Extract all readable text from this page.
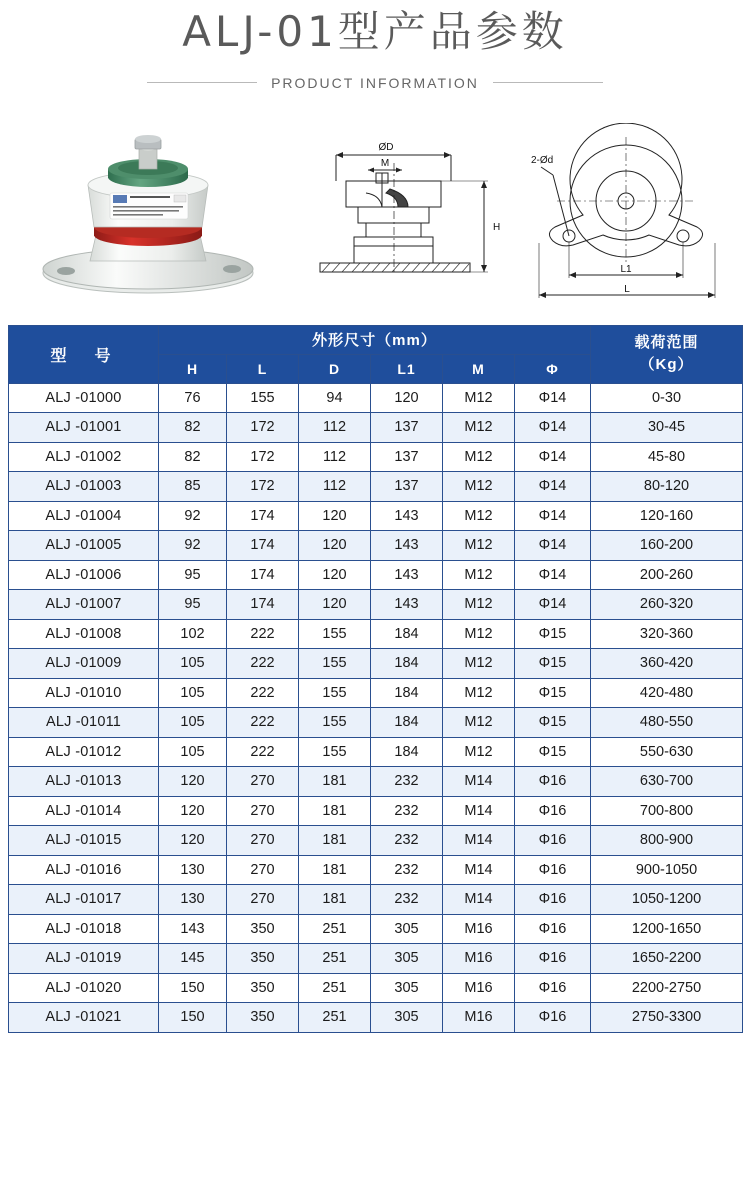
ALJ-01型产品参数
PRODUCT INFORMATION
ØD
M
H
2-Ød
L1
L
型　号	外形尺寸（mm）						载荷范围
（Kg）

	H	L	D	L1	M	Φ	
ALJ -01000	76	155	94	120	M12	Φ14	0-30
ALJ -01001	82	172	112	137	M12	Φ14	30-45
ALJ -01002	82	172	112	137	M12	Φ14	45-80
ALJ -01003	85	172	112	137	M12	Φ14	80-120
ALJ -01004	92	174	120	143	M12	Φ14	120-160
ALJ -01005	92	174	120	143	M12	Φ14	160-200
ALJ -01006	95	174	120	143	M12	Φ14	200-260
ALJ -01007	95	174	120	143	M12	Φ14	260-320
ALJ -01008	102	222	155	184	M12	Φ15	320-360
ALJ -01009	105	222	155	184	M12	Φ15	360-420
ALJ -01010	105	222	155	184	M12	Φ15	420-480
ALJ -01011	105	222	155	184	M12	Φ15	480-550
ALJ -01012	105	222	155	184	M12	Φ15	550-630
ALJ -01013	120	270	181	232	M14	Φ16	630-700
ALJ -01014	120	270	181	232	M14	Φ16	700-800
ALJ -01015	120	270	181	232	M14	Φ16	800-900
ALJ -01016	130	270	181	232	M14	Φ16	900-1050
ALJ -01017	130	270	181	232	M14	Φ16	1050-1200
ALJ -01018	143	350	251	305	M16	Φ16	1200-1650
ALJ -01019	145	350	251	305	M16	Φ16	1650-2200
ALJ -01020	150	350	251	305	M16	Φ16	2200-2750
ALJ -01021	150	350	251	305	M16	Φ16	2750-3300
